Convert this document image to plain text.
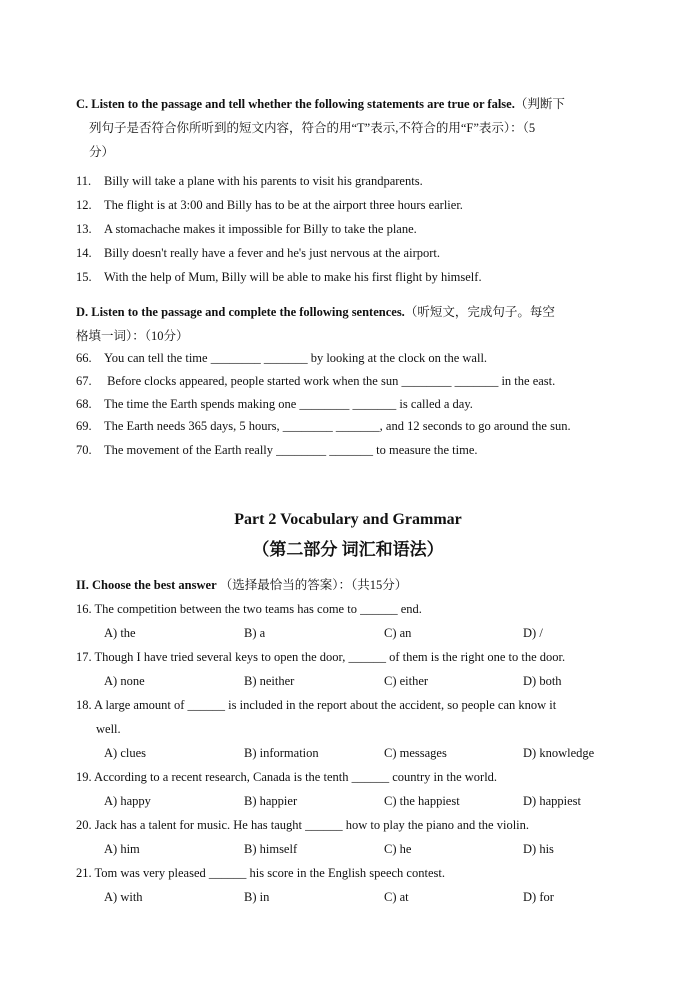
C. Listen to the passage and tell whether the following statements are true or false.（判断下
列句子是否符合你所听到的短文内容，符合的用“T”表示,不符合的用“F”表示）：（5
分）
11. Billy will take a plane with his parents to visit his grandparents.
12. The flight is at 3:00 and Billy has to be at the airport three hours earlier.
13. A stomachache makes it impossible for Billy to take the plane.
14. Billy doesn't really have a fever and he's just nervous at the airport.
15. With the help of Mum, Billy will be able to make his first flight by himself.
D. Listen to the passage and complete the following sentences.（听短文，完成句子。每空
格填一词）：（10分）
66. You can tell the time ________ _______ by looking at the clock on the wall.
67. Before clocks appeared, people started work when the sun ________ _______ in the east.
68. The time the Earth spends making one ________ _______ is called a day.
69. The Earth needs 365 days, 5 hours, ________ _______, and 12 seconds to go around the sun.
70. The movement of the Earth really ________ _______ to measure the time.
Part 2 Vocabulary and Grammar
（第二部分 词汇和语法）
II. Choose the best answer （选择最恰当的答案）：（共15分）
16. The competition between the two teams has come to ______ end.
A) the	B) a	C) an	D) /
17. Though I have tried several keys to open the door, ______ of them is the right one to the door.
A) none	B) neither	C) either	D) both
18. A large amount of ______ is included in the report about the accident, so people can know it
well.
A) clues	B) information	C) messages	D) knowledge
19. According to a recent research, Canada is the tenth ______ country in the world.
A) happy	B) happier	C) the happiest	D) happiest
20. Jack has a talent for music. He has taught ______ how to play the piano and the violin.
A) him	B) himself	C) he	D) his
21. Tom was very pleased ______ his score in the English speech contest.
A) with	B) in	C) at	D) for
